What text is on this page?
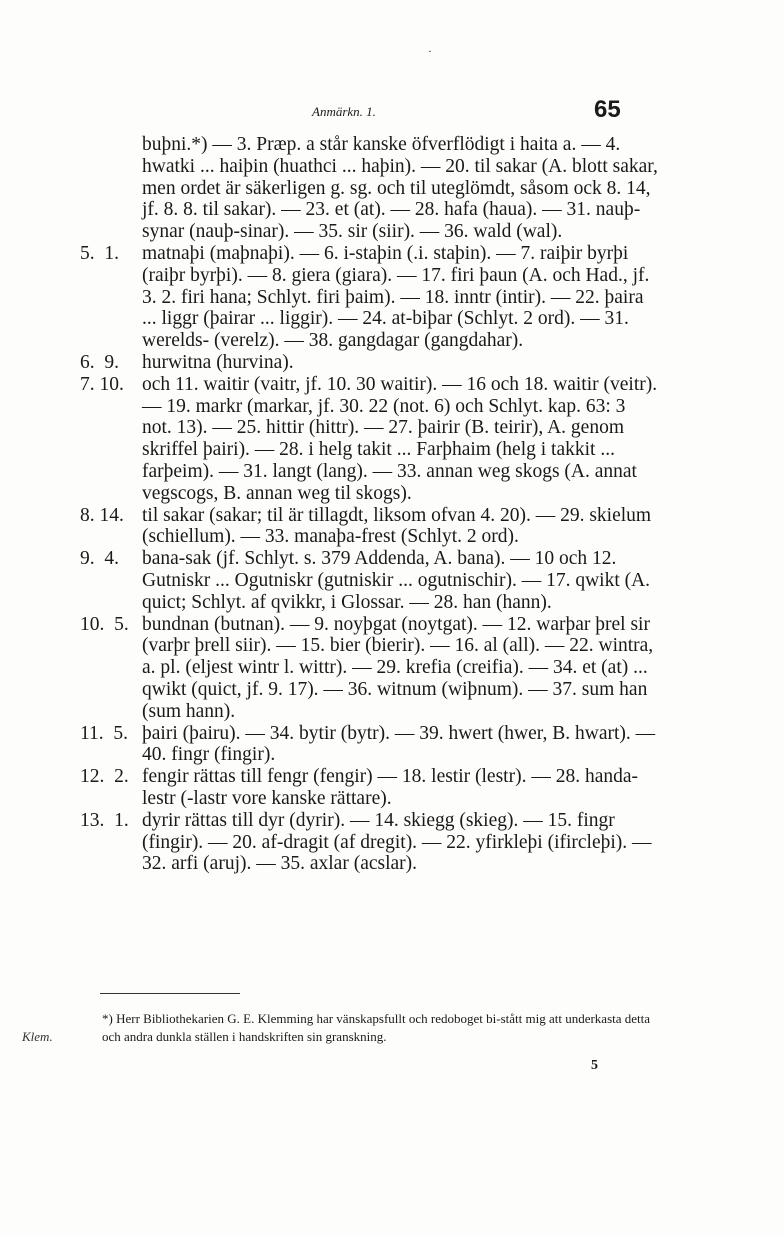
·
Anmärkn. 1.	65
buþni.*) — 3. Præp. a står kanske öfverflödigt i haita a. — 4. hwatki ... haiþin (huathci ... haþin). — 20. til sakar (A. blott sakar, men ordet är säkerligen g. sg. och til uteglömdt, såsom ock 8. 14, jf. 8. 8. til sakar). — 23. et (at). — 28. hafa (haua). — 31. nauþ-synar (nauþ-sinar). — 35. sir (siir). — 36. wald (wal).
5.  1.	matnaþi (maþnaþi). — 6. i-staþin (.i. staþin). — 7. raiþir byrþi (raiþr byrþi). — 8. giera (giara). — 17. firi þaun (A. och Had., jf. 3. 2. firi hana; Schlyt. firi þaim). — 18. inntr (intir). — 22. þaira ... liggr (þairar ... liggir). — 24. at-biþar (Schlyt. 2 ord). — 31. werelds- (verelz). — 38. gangdagar (gangdahar).
6.  9.	hurwitna (hurvina).
7. 10. och 11. waitir (vaitr, jf. 10. 30 waitir). — 16 och 18. waitir (veitr). — 19. markr (markar, jf. 30. 22 (not. 6) och Schlyt. kap. 63: 3 not. 13). — 25. hittir (hittr). — 27. þairir (B. teirir), A. genom skriffel þairi). — 28. i helg takit ... Farþhaim (helg i takkit ... farþeim). — 31. langt (lang). — 33. annan weg skogs (A. annat vegscogs, B. annan weg til skogs).
8. 14. til sakar (sakar; til är tillagdt, liksom ofvan 4. 20). — 29. skielum (schiellum). — 33. manaþa-frest (Schlyt. 2 ord).
9.  4.	bana-sak (jf. Schlyt. s. 379 Addenda, A. bana). — 10 och 12. Gutniskr ... Ogutniskr (gutniskir ... ogutnischir). — 17. qwikt (A. quict; Schlyt. af qvikkr, i Glossar. — 28. han (hann).
10.  5. bundnan (butnan). — 9. noyþgat (noytgat). — 12. warþar þrel sir (varþr þrell siir). — 15. bier (bierir). — 16. al (all). — 22. wintra, a. pl. (eljest wintr l. wittr). — 29. krefia (creifia). — 34. et (at) ... qwikt (quict, jf. 9. 17). — 36. witnum (wiþnum). — 37. sum han (sum hann).
11.  5. þairi (þairu). — 34. bytir (bytr). — 39. hwert (hwer, B. hwart). — 40. fingr (fingir).
12.  2. fengir rättas till fengr (fengir) — 18. lestir (lestr). — 28. handa-lestr (-lastr vore kanske rättare).
13.  1. dyrir rättas till dyr (dyrir). — 14. skiegg (skieg). — 15. fingr (fingir). — 20. af-dragit (af dregit). — 22. yfirkleþi (ifircleþi). — 32. arfi (aruj). — 35. axlar (acslar).
Klem.
*) Herr Bibliothekarien G. E. Klemming har vänskapsfullt och redoboget bi-stått mig att underkasta detta och andra dunkla ställen i handskriften sin granskning.
5
